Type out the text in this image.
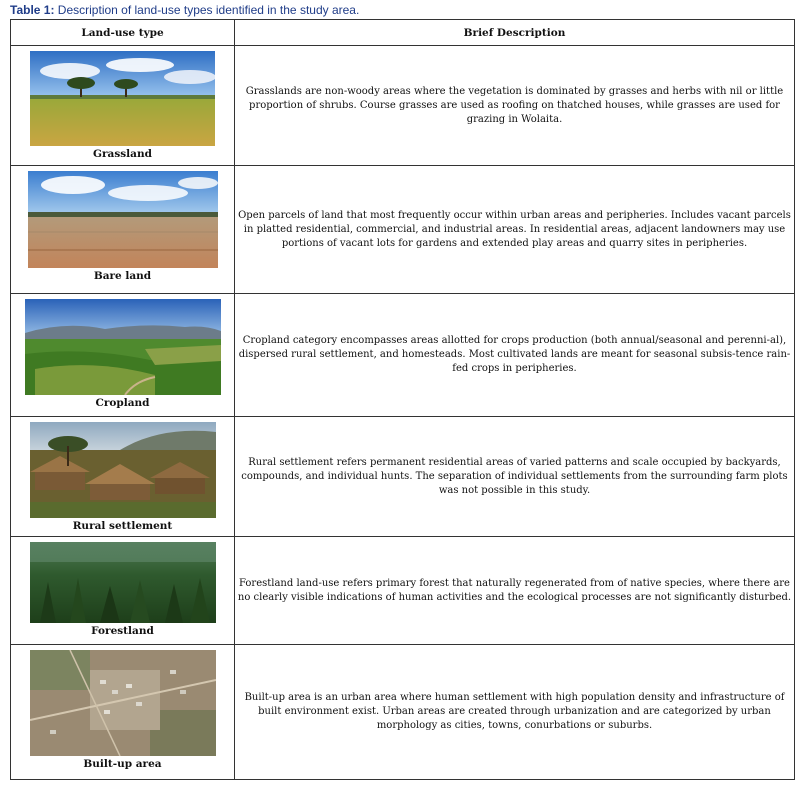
Table 1: Description of land-use types identified in the study area.
Land-use type	Brief Description

Grassland	Grasslands are non-woody areas where the vegetation is dominated by grasses and herbs with nil or little proportion of shrubs. Course grasses are used as roofing on thatched houses, while grasses are used for grazing in Wolaita.

Bare land	Open parcels of land that most frequently occur within urban areas and peripheries. Includes vacant parcels in platted residential, commercial, and industrial areas. In residential areas, adjacent landowners may use portions of vacant lots for gardens and extended play areas and quarry sites in peripheries.

Cropland	Cropland category encompasses areas allotted for crops production (both annual/seasonal and perenni-al), dispersed rural settlement, and homesteads. Most cultivated lands are meant for seasonal subsis-tence rain-fed crops in peripheries.

Rural settlement	Rural settlement refers permanent residential areas of varied patterns and scale occupied by backyards, compounds, and individual hunts. The separation of individual settlements from the surrounding farm plots was not possible in this study.

Forestland	Forestland land-use refers primary forest that naturally regenerated from of native species, where there are no clearly visible indications of human activities and the ecological processes are not significantly disturbed.

Built-up area	Built-up area is an urban area where human settlement with high population density and infrastructure of built environment exist. Urban areas are created through urbanization and are categorized by urban morphology as cities, towns, conurbations or suburbs.
